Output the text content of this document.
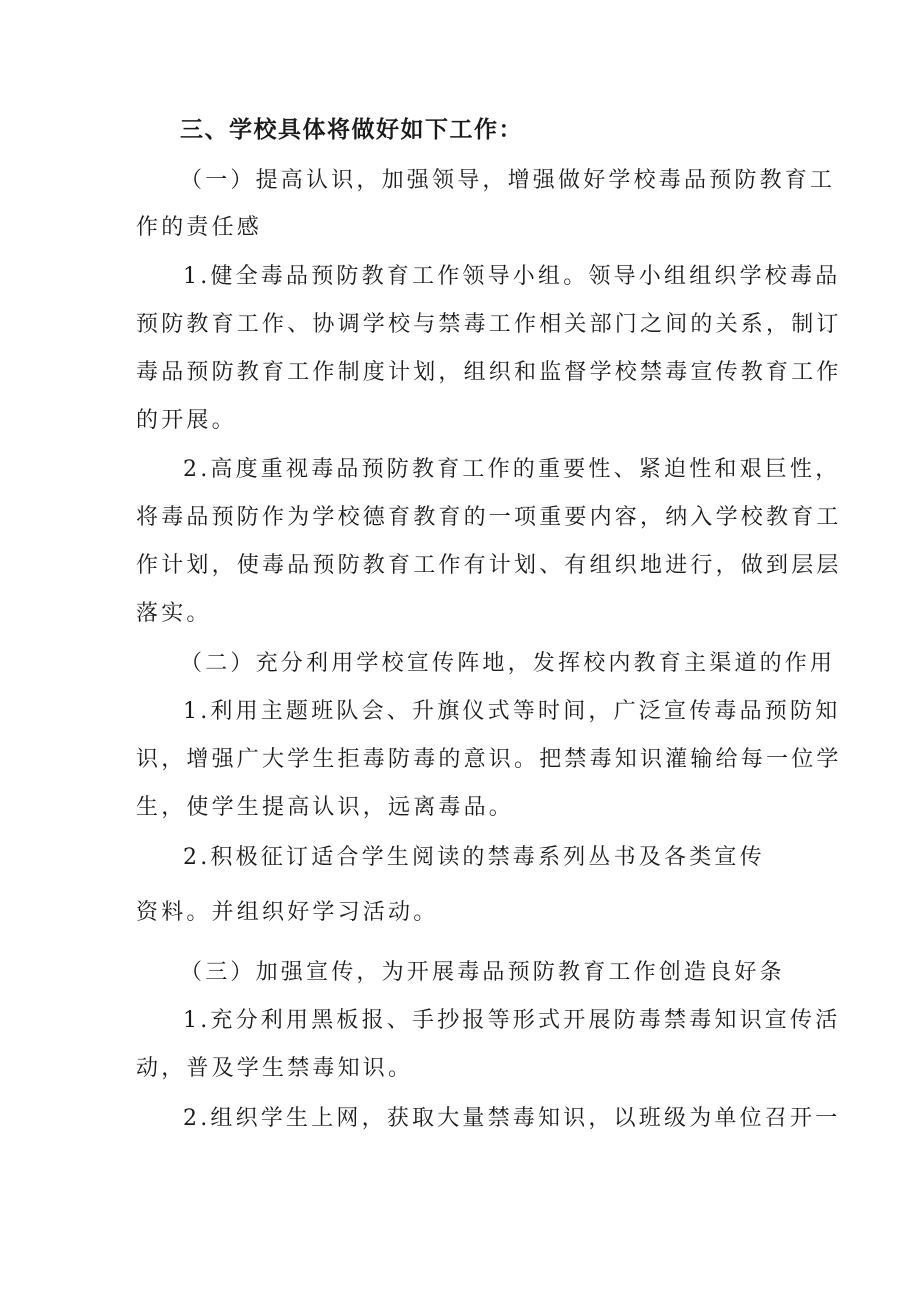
三、学校具体将做好如下工作：
（一）提高认识，加强领导，增强做好学校毒品预防教育工
作的责任感
1.健全毒品预防教育工作领导小组。领导小组组织学校毒品
预防教育工作、协调学校与禁毒工作相关部门之间的关系，制订
毒品预防教育工作制度计划，组织和监督学校禁毒宣传教育工作
的开展。
2.高度重视毒品预防教育工作的重要性、紧迫性和艰巨性，
将毒品预防作为学校德育教育的一项重要内容，纳入学校教育工
作计划，使毒品预防教育工作有计划、有组织地进行，做到层层
落实。
（二）充分利用学校宣传阵地，发挥校内教育主渠道的作用
1.利用主题班队会、升旗仪式等时间，广泛宣传毒品预防知
识，增强广大学生拒毒防毒的意识。把禁毒知识灌输给每一位学
生，使学生提高认识，远离毒品。
2.积极征订适合学生阅读的禁毒系列丛书及各类宣传
资料。并组织好学习活动。
（三）加强宣传，为开展毒品预防教育工作创造良好条
1.充分利用黑板报、手抄报等形式开展防毒禁毒知识宣传活
动，普及学生禁毒知识。
2.组织学生上网，获取大量禁毒知识，以班级为单位召开一
